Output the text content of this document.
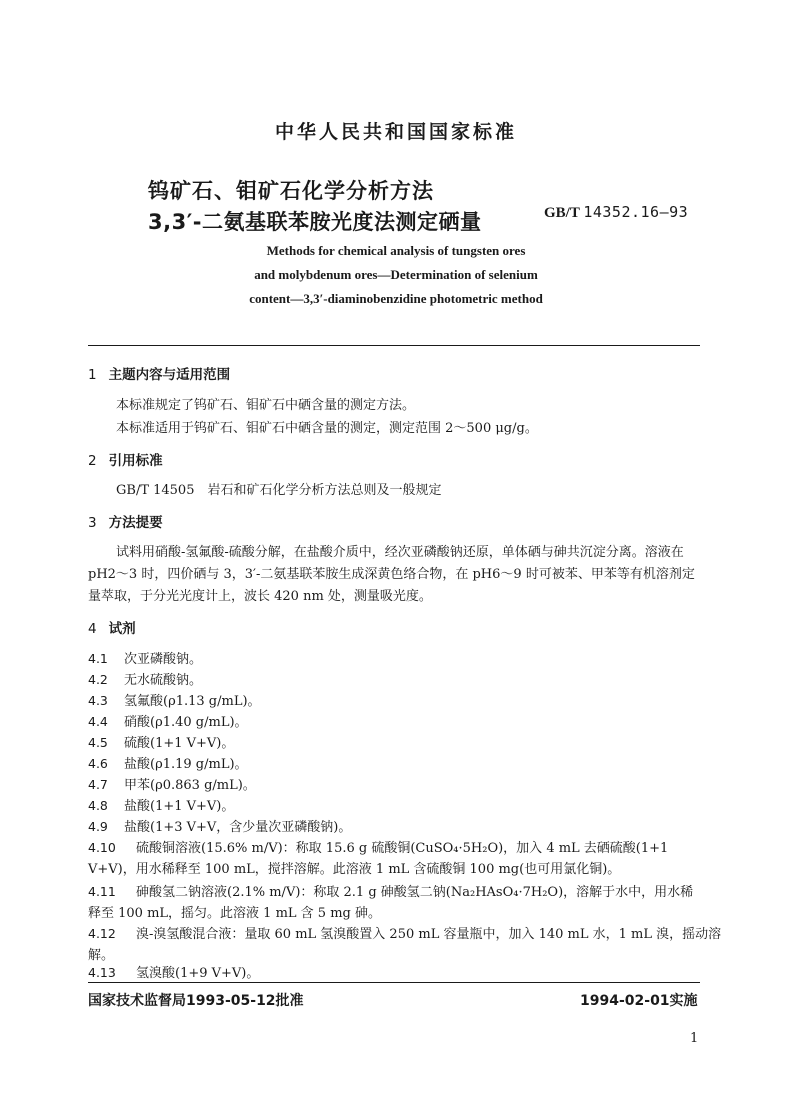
中华人民共和国国家标准
钨矿石、钼矿石化学分析方法
3,3′-二氨基联苯胺光度法测定硒量	GB/T 14352.16—93
Methods for chemical analysis of tungsten ores
and molybdenum ores—Determination of selenium
content—3,3′-diaminobenzidine photometric method
1 主题内容与适用范围
本标准规定了钨矿石、钼矿石中硒含量的测定方法。
本标准适用于钨矿石、钼矿石中硒含量的测定，测定范围 2～500 μg/g。
2 引用标准
GB/T 14505　岩石和矿石化学分析方法总则及一般规定
3 方法提要
试料用硝酸-氢氟酸-硫酸分解，在盐酸介质中，经次亚磷酸钠还原，单体硒与砷共沉淀分离。溶液在
pH2～3 时，四价硒与 3，3′-二氨基联苯胺生成深黄色络合物，在 pH6～9 时可被苯、甲苯等有机溶剂定
量萃取，于分光光度计上，波长 420 nm 处，测量吸光度。
4 试剂
4.1 次亚磷酸钠。
4.2 无水硫酸钠。
4.3 氢氟酸(ρ1.13 g/mL)。
4.4 硝酸(ρ1.40 g/mL)。
4.5 硫酸(1+1 V+V)。
4.6 盐酸(ρ1.19 g/mL)。
4.7 甲苯(ρ0.863 g/mL)。
4.8 盐酸(1+1 V+V)。
4.9 盐酸(1+3 V+V，含少量次亚磷酸钠)。
4.10 硫酸铜溶液(15.6% m/V)：称取 15.6 g 硫酸铜(CuSO₄·5H₂O)，加入 4 mL 去硒硫酸(1+1
V+V)，用水稀释至 100 mL，搅拌溶解。此溶液 1 mL 含硫酸铜 100 mg(也可用氯化铜)。
4.11 砷酸氢二钠溶液(2.1% m/V)：称取 2.1 g 砷酸氢二钠(Na₂HAsO₄·7H₂O)，溶解于水中，用水稀
释至 100 mL，摇匀。此溶液 1 mL 含 5 mg 砷。
4.12 溴-溴氢酸混合液：量取 60 mL 氢溴酸置入 250 mL 容量瓶中，加入 140 mL 水，1 mL 溴，摇动溶
解。
4.13 氢溴酸(1+9 V+V)。
国家技术监督局1993-05-12批准	1994-02-01实施
1
